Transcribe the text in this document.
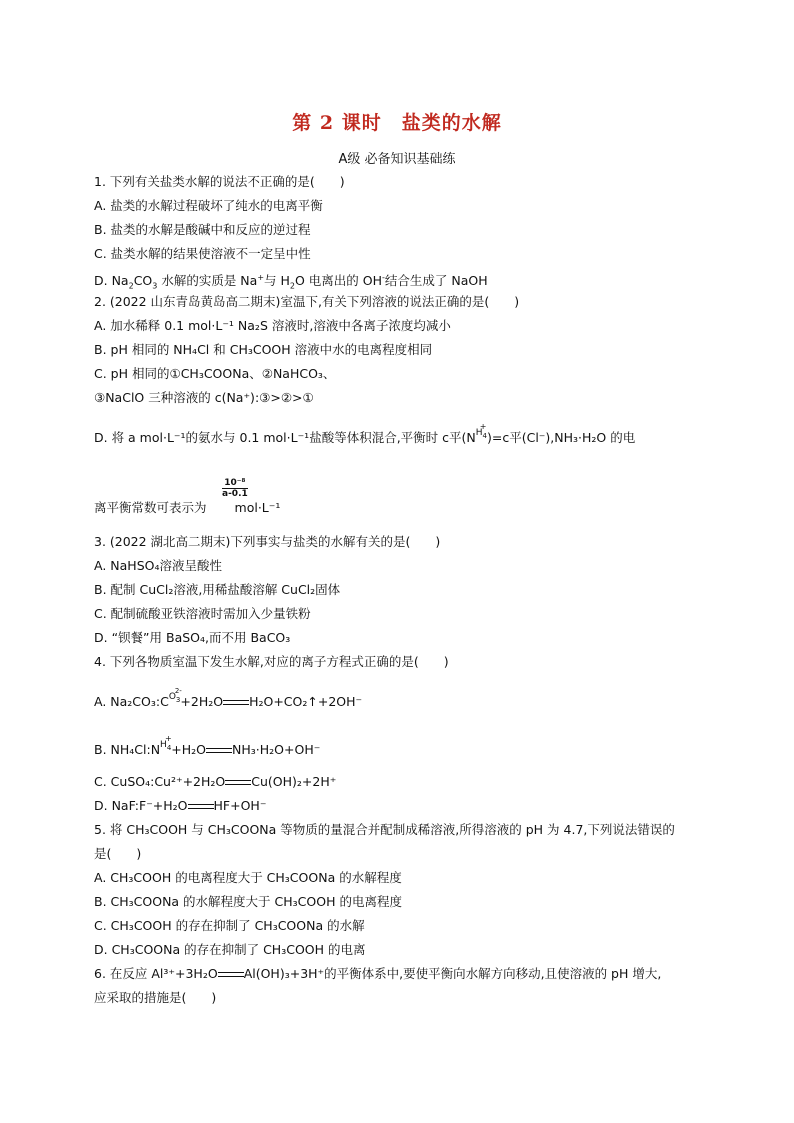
第 2 课时　盐类的水解
A级 必备知识基础练
1. 下列有关盐类水解的说法不正确的是(　　)
A. 盐类的水解过程破坏了纯水的电离平衡
B. 盐类的水解是酸碱中和反应的逆过程
C. 盐类水解的结果使溶液不一定呈中性
D. $Na_2CO_3$ 水解的实质是 Na+与 $H_2O$ 电离出的 OH-结合生成了 NaOH
2. (2022 山东青岛黄岛高二期末)室温下,有关下列溶液的说法正确的是(　　)
A. 加水稀释 0.1 mol·L⁻¹ Na₂S 溶液时,溶液中各离子浓度均减小
B. pH 相同的 NH₄Cl 和 CH₃COOH 溶液中水的电离程度相同
C. pH 相同的①CH₃COONa、②NaHCO₃、
③NaClO 三种溶液的 c(Na⁺):③>②>①
D. 将 a mol·L⁻¹的氨水与 0.1 mol·L⁻¹盐酸等体积混合,平衡时 c平($NH_4$
+
)=c平(Cl⁻),NH₃·H₂O 的电
$\frac{\text{10⁻⁸}}{a-0.1}$
离平衡常数可表示为 mol·L⁻¹
3. (2022 湖北高二期末)下列事实与盐类的水解有关的是(　　)
A. NaHSO₄溶液呈酸性
B. 配制 CuCl₂溶液,用稀盐酸溶解 CuCl₂固体
C. 配制硫酸亚铁溶液时需加入少量铁粉
D. “钡餐”用 BaSO₄,而不用 BaCO₃
4. 下列各物质室温下发生水解,对应的离子方程式正确的是(　　)
A. $Na_2CO_3:CO_3$
2-
+2H₂O H₂O+CO₂↑+2OH⁻
B. $NH_4Cl:NH_4$
+
+H₂O NH₃·H₂O+OH⁻
C. CuSO₄:Cu²⁺+2H₂O Cu(OH)₂+2H⁺
D. NaF:F⁻+H₂O HF+OH⁻
5. 将 CH₃COOH 与 CH₃COONa 等物质的量混合并配制成稀溶液,所得溶液的 pH 为 4.7,下列说法错误的
是(　　)
A. CH₃COOH 的电离程度大于 CH₃COONa 的水解程度
B. CH₃COONa 的水解程度大于 CH₃COOH 的电离程度
C. CH₃COOH 的存在抑制了 CH₃COONa 的水解
D. CH₃COONa 的存在抑制了 CH₃COOH 的电离
6. 在反应 Al³⁺+3H₂O Al(OH)₃+3H⁺的平衡体系中,要使平衡向水解方向移动,且使溶液的 pH 增大,
应采取的措施是(　　)
